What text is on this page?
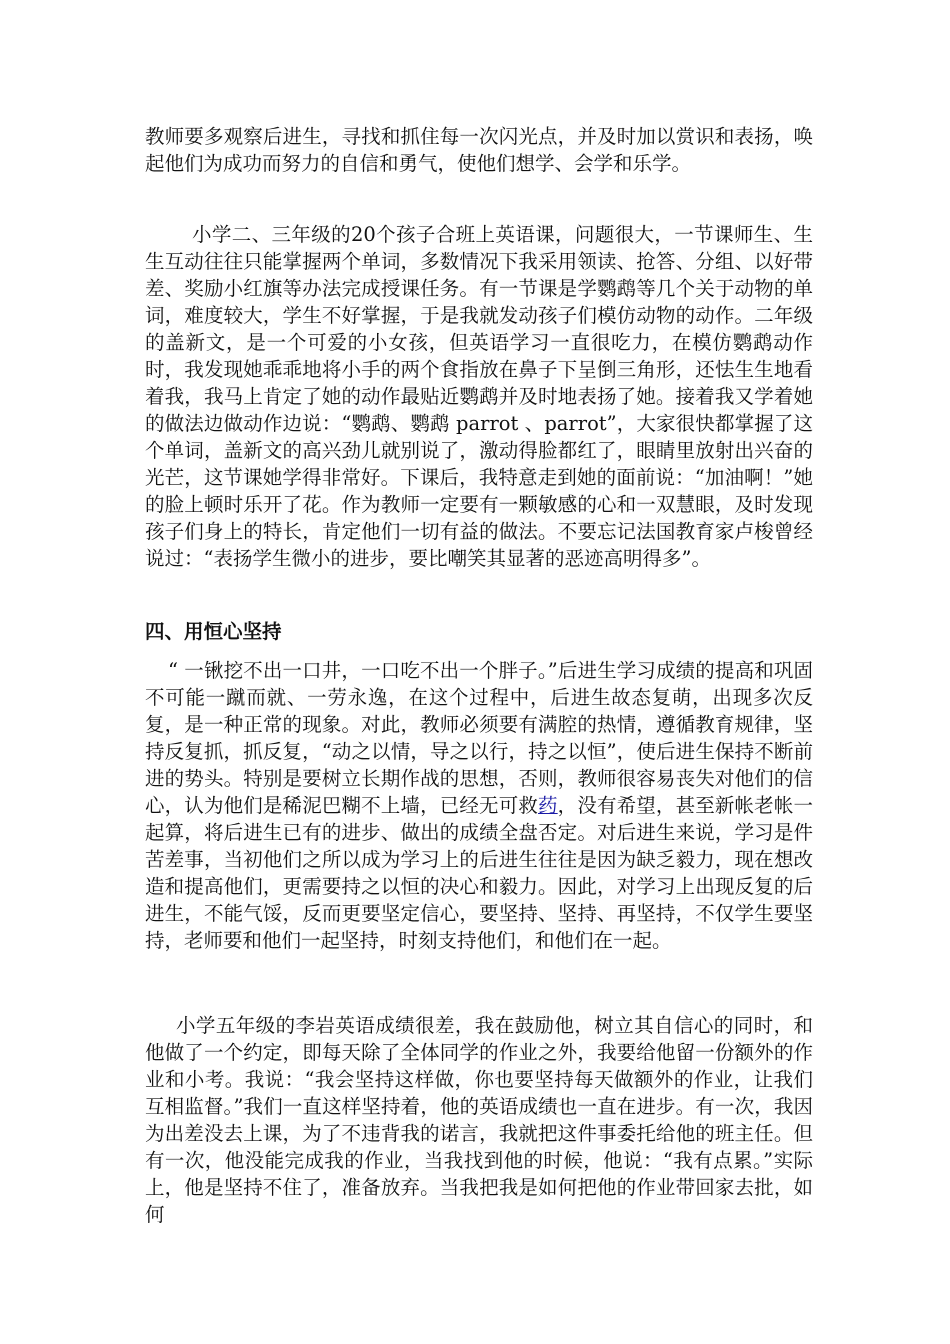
教师要多观察后进生，寻找和抓住每一次闪光点，并及时加以赏识和表扬，唤起他们为成功而努力的自信和勇气，使他们想学、会学和乐学。

小学二、三年级的20个孩子合班上英语课，问题很大，一节课师生、生生互动往往只能掌握两个单词，多数情况下我采用领读、抢答、分组、以好带差、奖励小红旗等办法完成授课任务。有一节课是学鹦鹉等几个关于动物的单词，难度较大，学生不好掌握，于是我就发动孩子们模仿动物的动作。二年级的盖新文，是一个可爱的小女孩，但英语学习一直很吃力，在模仿鹦鹉动作时，我发现她乖乖地将小手的两个食指放在鼻子下呈倒三角形，还怯生生地看着我，我马上肯定了她的动作最贴近鹦鹉并及时地表扬了她。接着我又学着她的做法边做动作边说：“鹦鹉、鹦鹉 parrot 、parrot”，大家很快都掌握了这个单词，盖新文的高兴劲儿就别说了，激动得脸都红了，眼睛里放射出兴奋的光芒，这节课她学得非常好。下课后，我特意走到她的面前说：“加油啊！”她的脸上顿时乐开了花。作为教师一定要有一颗敏感的心和一双慧眼，及时发现孩子们身上的特长，肯定他们一切有益的做法。不要忘记法国教育家卢梭曾经说过：“表扬学生微小的进步，要比嘲笑其显著的恶迹高明得多”。

四、用恒心坚持

“ 一锹挖不出一口井，一口吃不出一个胖子。”后进生学习成绩的提高和巩固不可能一蹴而就、一劳永逸，在这个过程中，后进生故态复萌，出现多次反复，是一种正常的现象。对此，教师必须要有满腔的热情，遵循教育规律，坚持反复抓，抓反复，“动之以情，导之以行，持之以恒”，使后进生保持不断前进的势头。特别是要树立长期作战的思想，否则，教师很容易丧失对他们的信心，认为他们是稀泥巴糊不上墙，已经无可救药，没有希望，甚至新帐老帐一起算，将后进生已有的进步、做出的成绩全盘否定。对后进生来说，学习是件苦差事，当初他们之所以成为学习上的后进生往往是因为缺乏毅力，现在想改造和提高他们，更需要持之以恒的决心和毅力。因此，对学习上出现反复的后进生，不能气馁，反而更要坚定信心，要坚持、坚持、再坚持，不仅学生要坚持，老师要和他们一起坚持，时刻支持他们，和他们在一起。

小学五年级的李岩英语成绩很差，我在鼓励他，树立其自信心的同时，和他做了一个约定，即每天除了全体同学的作业之外，我要给他留一份额外的作业和小考。我说：“我会坚持这样做，你也要坚持每天做额外的作业，让我们互相监督。”我们一直这样坚持着，他的英语成绩也一直在进步。有一次，我因为出差没去上课，为了不违背我的诺言，我就把这件事委托给他的班主任。但有一次，他没能完成我的作业，当我找到他的时候，他说：“我有点累。”实际上，他是坚持不住了，准备放弃。当我把我是如何把他的作业带回家去批，如何
